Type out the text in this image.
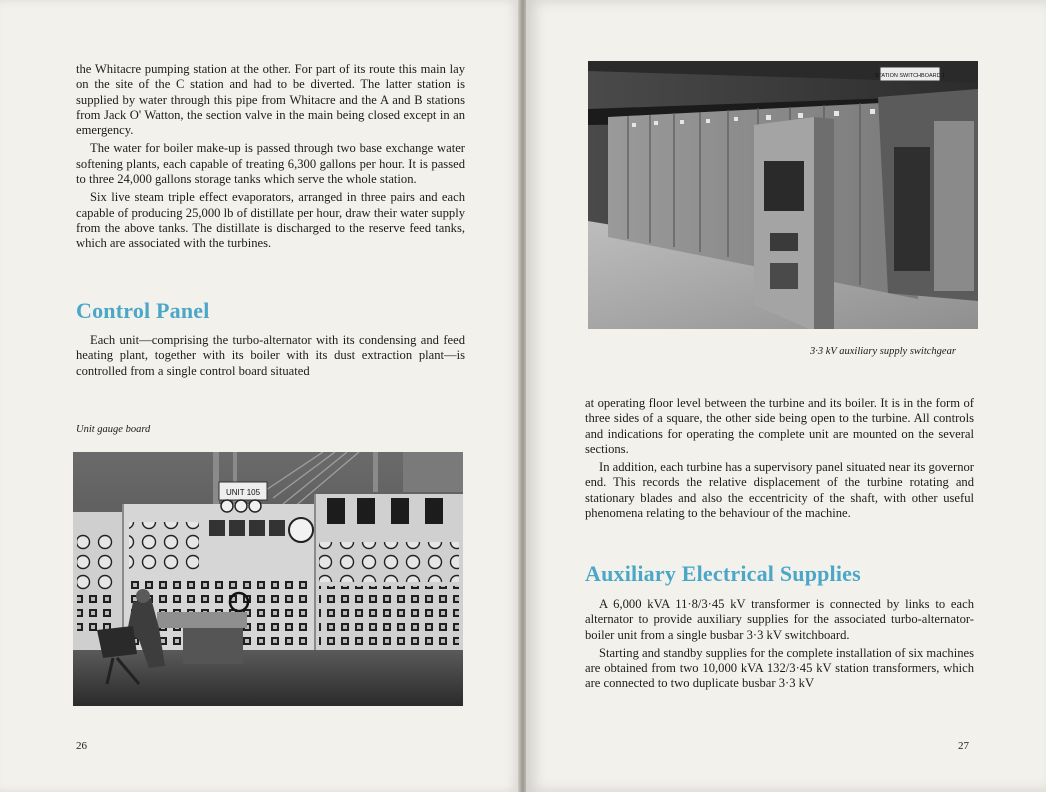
the Whitacre pumping station at the other. For part of its route this main lay on the site of the C station and had to be diverted. The latter station is supplied by water through this pipe from Whitacre and the A and B stations from Jack O' Watton, the section valve in the main being closed except in an emergency.

The water for boiler make-up is passed through two base exchange water softening plants, each capable of treating 6,300 gallons per hour. It is passed to three 24,000 gallons storage tanks which serve the whole station.

Six live steam triple effect evaporators, arranged in three pairs and each capable of producing 25,000 lb of distillate per hour, draw their water supply from the above tanks. The distillate is discharged to the reserve feed tanks, which are associated with the turbines.

Control Panel

Each unit—comprising the turbo-alternator with its condensing and feed heating plant, together with its boiler with its dust extraction plant—is controlled from a single control board situated

Unit gauge board
UNIT 105
26
STATION SWITCHBOARD 1
3·3 kV auxiliary supply switchgear

at operating floor level between the turbine and its boiler. It is in the form of three sides of a square, the other side being open to the turbine. All controls and indications for operating the complete unit are mounted on the several sections.

In addition, each turbine has a supervisory panel situated near its governor end. This records the relative displacement of the turbine rotating and stationary blades and also the eccentricity of the shaft, with other useful phenomena relating to the behaviour of the machine.

Auxiliary Electrical Supplies

A 6,000 kVA 11·8/3·45 kV transformer is connected by links to each alternator to provide auxiliary supplies for the associated turbo-alternator-boiler unit from a single busbar 3·3 kV switchboard.

Starting and standby supplies for the complete installation of six machines are obtained from two 10,000 kVA 132/3·45 kV station transformers, which are connected to two duplicate busbar 3·3 kV

27
